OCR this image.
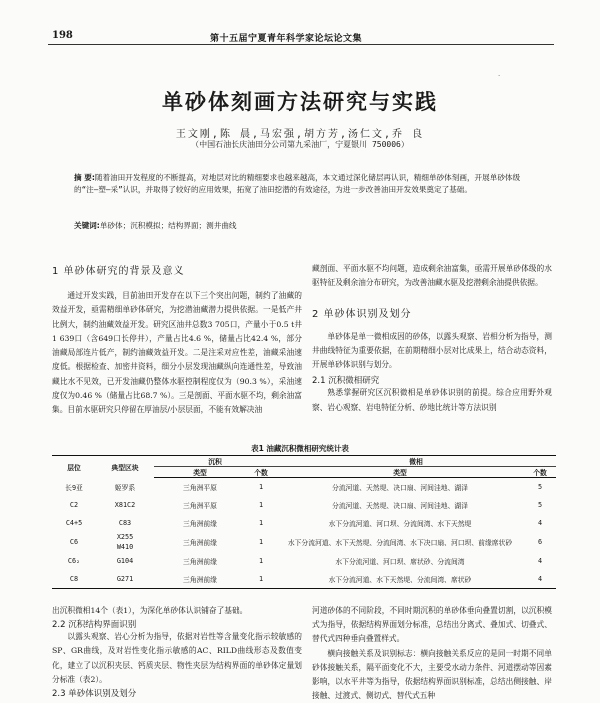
198	第十五届宁夏青年科学家论坛论文集
·
单砂体刻画方法研究与实践
王文刚,陈 晨,马宏强,胡方芳,汤仁文,乔 良
（中国石油长庆油田分公司第九采油厂，宁夏银川 750006）
摘 要:随着油田开发程度的不断提高，对地层对比的精细要求也越来越高，本文通过深化储层再认识，精细单砂体刻画，开展单砂体级的“注—塑—采”认识，并取得了较好的应用效果，拓宽了油田挖潜的有效途径，为进一步改善油田开发效果奠定了基础。
关键词:单砂体；沉积模拟；结构界面；测井曲线
1 单砂体研究的背景及意义
通过开发实践，目前油田开发存在以下三个突出问题，制约了油藏的效益开发，亟需精细单砂体研究，为挖潜油藏潜力提供依据。一是低产井比例大，制约油藏效益开发。研究区油井总数3 705口，产量小于0.5 t井1 639口（含649口长停井），产量占比4.6 %，储量占比42.4 %，部分油藏局部连片低产，制约油藏效益开发。二是注采对应性差，油藏采油速度低。根据检查、加密井资料，细分小层发现油藏纵向连通性差，导致油藏比水不见效，已开发油藏仍整体水驱控制程度仅为（90.3 %），采油速度仅为0.46 %（储量占比68.7 %）。三是剖面、平面水驱不均，剩余油富集。目前水驱研究只停留在厚油层/小层层面，不能有效解决油
藏剖面、平面水驱不均问题，造成剩余油富集，亟需开展单砂体级的水驱特征及剩余油分布研究，为改善油藏水驱及挖潜剩余油提供依据。
2 单砂体识别及划分
单砂体是单一微相成因的砂体，以露头观察、岩相分析为指导，测井曲线特征为重要依据，在前期精细小层对比成果上，结合动态资料，开展单砂体识别与划分。
2.1 沉积微相研究
熟悉掌握研究区沉积微相是单砂体识别的前提。综合应用野外观察、岩心观察、岩电特征分析、砂地比统计等方法识别
表1 油藏沉积微相研究统计表
层位	典型区块	沉积		微相	
		类型	个数	类型	个数
长9亚	姬罗系	三角洲平原	1	分流河道、天然堤、决口扇、河间洼地、湖泽	5
C2	X81C2	三角洲平原	1	分流河道、天然堤、决口扇、河间洼地、湖泽	5
C4+5	C83	三角洲前缘	1	水下分流河道、河口坝、分流间湾、水下天然堤	4
C6	X255
W410	三角洲前缘	1	水下分流河道、水下天然堤、分流间湾、水下决口扇、河口坝、前缘席状砂	6
C6₂	G104	三角洲前缘	1	水下分流河道、河口坝、席状砂、分流间湾	4
C8	G271	三角洲前缘	1	水下分流河道、水下天然堤、分流间湾、席状砂	4
出沉积微相14个（表1），为深化单砂体认识铺奋了基础。
2.2 沉积结构界面识别
以露头观察、岩心分析为指导，依据对岩性等含量变化指示较敏感的SP、GR曲线，及对岩性变化指示敏感的AC、RILD曲线形态及数值变化，建立了以沉积夹层、钙质夹层、物性夹层为结构界面的单砂体定量划分标准（表2）。
2.3 单砂体识别及划分
河道砂体的不同阶段，不同时期沉积的单砂体垂向叠置切割，以沉积模式为指导，依据结构界面划分标准，总结出分离式、叠加式、切叠式、替代式四种垂向叠置样式。
横向接触关系及识别标志：横向接触关系反应的是同一时期不同单砂体接触关系，隔平面变化不大，主要受水动力条件、河道摆动等因素影响，以水平井等为指导，依据结构界面识别标准，总结出侧接触、岸接触、过渡式、侧切式、替代式五种
